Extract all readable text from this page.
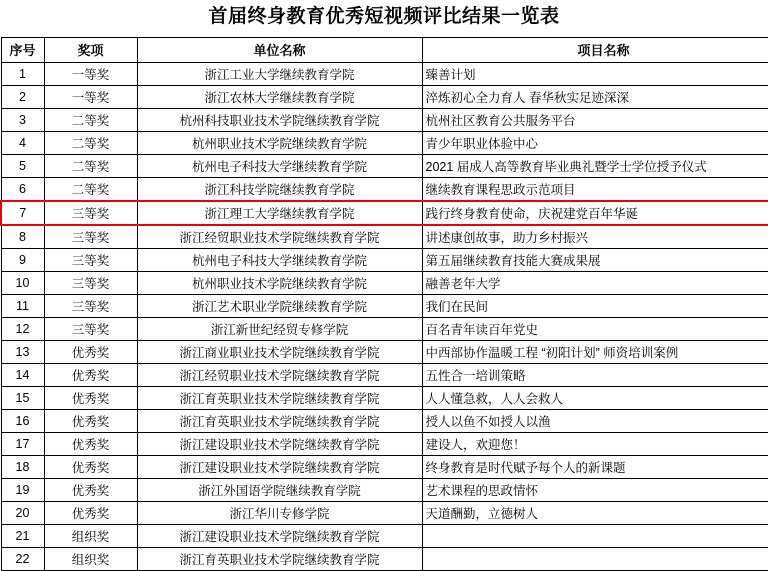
首届终身教育优秀短视频评比结果一览表
序号	奖项	单位名称	项目名称
1	一等奖	浙江工业大学继续教育学院	臻善计划
2	一等奖	浙江农林大学继续教育学院	淬炼初心全力育人 春华秋实足迹深深
3	二等奖	杭州科技职业技术学院继续教育学院	杭州社区教育公共服务平台
4	二等奖	杭州职业技术学院继续教育学院	青少年职业体验中心
5	二等奖	杭州电子科技大学继续教育学院	2021 届成人高等教育毕业典礼暨学士学位授予仪式
6	二等奖	浙江科技学院继续教育学院	继续教育课程思政示范项目
7	三等奖	浙江理工大学继续教育学院	践行终身教育使命，庆祝建党百年华诞
8	三等奖	浙江经贸职业技术学院继续教育学院	讲述康创故事，助力乡村振兴
9	三等奖	杭州电子科技大学继续教育学院	第五届继续教育技能大赛成果展
10	三等奖	杭州职业技术学院继续教育学院	融善老年大学
11	三等奖	浙江艺术职业学院继续教育学院	我们在民间
12	三等奖	浙江新世纪经贸专修学院	百名青年读百年党史
13	优秀奖	浙江商业职业技术学院继续教育学院	中西部协作温暖工程 “初阳计划” 师资培训案例
14	优秀奖	浙江经贸职业技术学院继续教育学院	五性合一培训策略
15	优秀奖	浙江育英职业技术学院继续教育学院	人人懂急救，人人会救人
16	优秀奖	浙江育英职业技术学院继续教育学院	授人以鱼不如授人以渔
17	优秀奖	浙江建设职业技术学院继续教育学院	建设人，欢迎您！
18	优秀奖	浙江建设职业技术学院继续教育学院	终身教育是时代赋予每个人的新课题
19	优秀奖	浙江外国语学院继续教育学院	艺术课程的思政情怀
20	优秀奖	浙江华川专修学院	天道酬勤，立德树人
21	组织奖	浙江建设职业技术学院继续教育学院	
22	组织奖	浙江育英职业技术学院继续教育学院	
